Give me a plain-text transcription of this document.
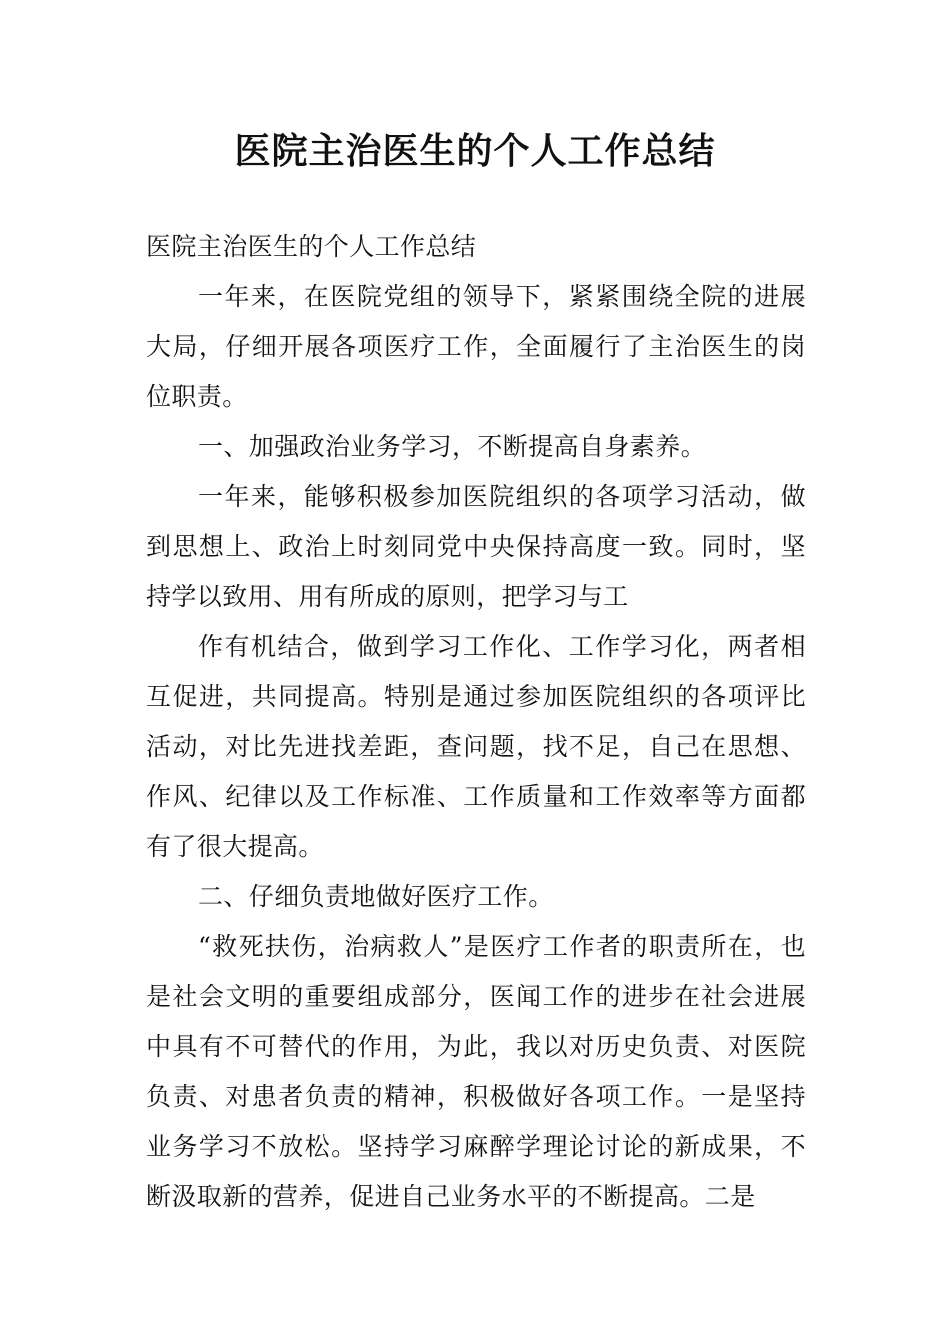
医院主治医生的个人工作总结

医院主治医生的个人工作总结

一年来，在医院党组的领导下，紧紧围绕全院的进展大局，仔细开展各项医疗工作，全面履行了主治医生的岗位职责。

一、加强政治业务学习，不断提高自身素养。

一年来，能够积极参加医院组织的各项学习活动，做到思想上、政治上时刻同党中央保持高度一致。同时，坚持学以致用、用有所成的原则，把学习与工

作有机结合，做到学习工作化、工作学习化，两者相互促进，共同提高。特别是通过参加医院组织的各项评比活动，对比先进找差距，查问题，找不足，自己在思想、作风、纪律以及工作标准、工作质量和工作效率等方面都有了很大提高。

二、仔细负责地做好医疗工作。

“救死扶伤，治病救人”是医疗工作者的职责所在，也是社会文明的重要组成部分，医闻工作的进步在社会进展中具有不可替代的作用，为此，我以对历史负责、对医院负责、对患者负责的精神，积极做好各项工作。一是坚持业务学习不放松。坚持学习麻醉学理论讨论的新成果，不断汲取新的营养，促进自己业务水平的不断提高。二是
